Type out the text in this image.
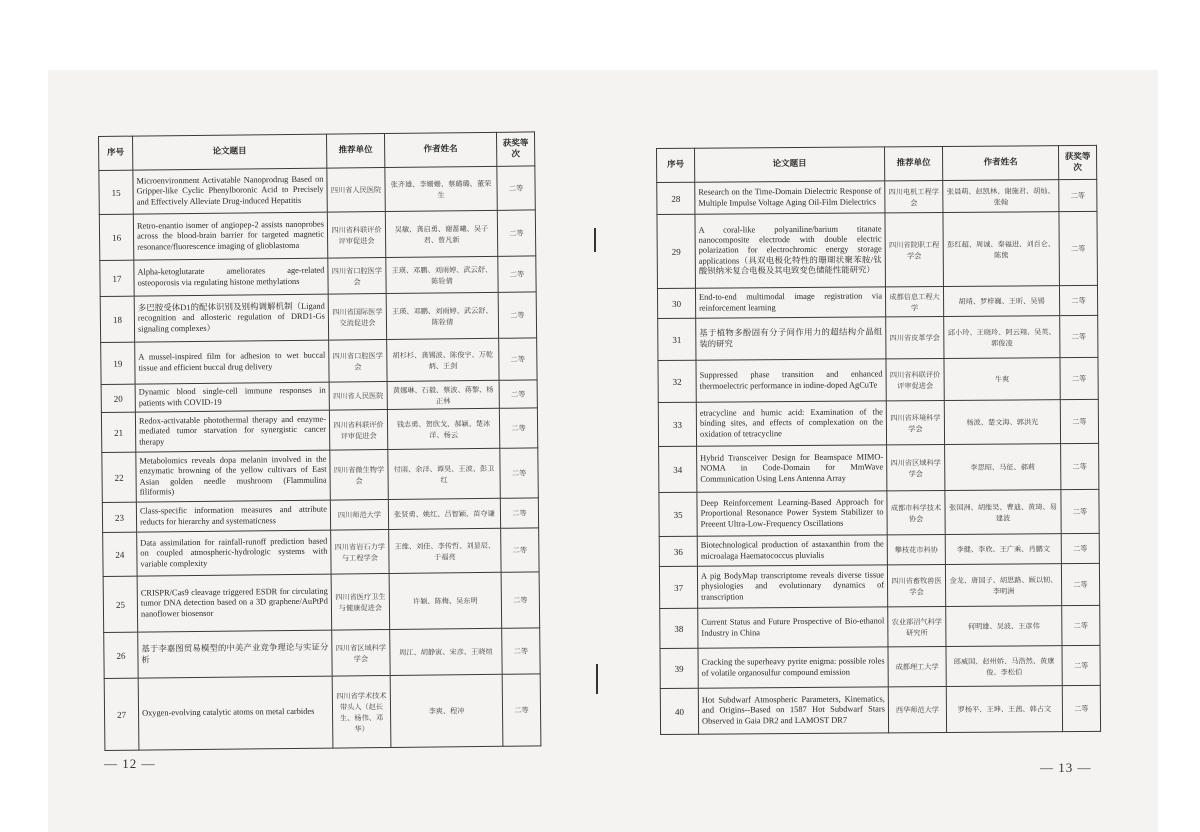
序号	论文题目	推荐单位	作者姓名	获奖等次
15	Microenvironment Activatable Nanoprodrug Based on Gripper-like Cyclic Phenylboronic Acid to Precisely and Effectively Alleviate Drug-induced Hepatitis	四川省人民医院	张齐雄、李姗姗、蔡璐璐、董荣生	二等
16	Retro-enantio isomer of angiopep-2 assists nanoprobes across the blood-brain barrier for targeted magnetic resonance/fluorescence imaging of glioblastoma	四川省科联评价评审促进会	吴敏、龚启勇、谢蔷曦、吴子君、曾凡新	二等
17	Alpha-ketoglutarate ameliorates age-related osteoporosis via regulating histone methylations	四川省口腔医学会	王瑛、邓鹏、刘雨婷、武云舒、陈铨倩	二等
18	多巴胺受体D1的配体识别及别构调解机制（Ligand recognition and allosteric regulation of DRD1-Gs signaling complexes）	四川省国际医学交流促进会	王瑛、邓鹏、刘雨婷、武云舒、陈铨倩	二等
19	A mussel-inspired film for adhesion to wet buccal tissue and efficient buccal drug delivery	四川省口腔医学会	胡杉杉、龚锡波、陈俊宇、万乾炳、王剑	二等
20	Dynamic blood single-cell immune responses in patients with COVID-19	四川省人民医院	黄娜琳、石毅、蔡波、蒋黎、杨正林	二等
21	Redox-activatable photothermal therapy and enzyme-mediated tumor starvation for synergistic cancer therapy	四川省科联评价评审促进会	钱志勇、贺欣戈、郝颖、楚冰洋、杨云	二等
22	Metabolomics reveals dopa melanin involved in the enzymatic browning of the yellow cultivars of East Asian golden needle mushroom (Flammulina filiformis)	四川省微生物学会	付雨、余洋、谭昊、王波、彭卫红	二等
23	Class-specific information measures and attribute reducts for hierarchy and systematicness	四川师范大学	张贤勇、姚红、吕智颖、苗夺谦	二等
24	Data assimilation for rainfall-runoff prediction based on coupled atmospheric-hydrologic systems with variable complexity	四川省岩石力学与工程学会	王维、刘佳、李传哲、刘显辰、于福亮	二等
25	CRISPR/Cas9 cleavage triggered ESDR for circulating tumor DNA detection based on a 3D graphene/AuPtPd nanoflower biosensor	四川省医疗卫生与健康促进会	许颖、陈梅、吴东明	二等
26	基于李嘉图贸易模型的中美产业竞争理论与实证分析	四川省区域科学学会	周江、胡静寅、宋彦、王晓煊	二等
27	Oxygen-evolving catalytic atoms on metal carbides	四川省学术技术带头人（赵长生、杨伟、邓华）	李爽、程冲	二等
序号	论文题目	推荐单位	作者姓名	获奖等次
28	Research on the Time-Domain Dielectric Response of Multiple Impulse Voltage Aging Oil-Film Dielectrics	四川电机工程学会	张晨萌、赵凯林、谢施君、胡灿、张翰	二等
29	A coral-like polyaniline/barium titanate nanocomposite electrode with double electric polarization for electrochromic energy storage applications（具双电极化特性的珊瑚状聚苯胺/钛酸钡纳米复合电极及其电致变色储能性能研究）	四川省院职工程学会	彭红超、周诚、秦福进、刘百仑、陈熊	二等
30	End-to-end multimodal image registration via reinforcement learning	成都信息工程大学	胡靖、罗梓巍、王昕、吴锡	二等
31	基于植物多酚固有分子间作用力的超结构介晶组装的研究	四川省皮革学会	邱小玲、王晓玲、阿云翔、吴英、郭俊凌	二等
32	Suppressed phase transition and enhanced thermoelectric performance in iodine-doped AgCuTe	四川省科联评价评审促进会	牛爽	二等
33	etracycline and humic acid: Examination of the binding sites, and effects of complexation on the oxidation of tetracycline	四川省环境科学学会	杨波、楚文海、郭洪光	二等
34	Hybrid Transceiver Design for Beamspace MIMO-NOMA in Code-Domain for MmWave Communication Using Lens Antenna Array	四川省区域科学学会	李思昭、马征、郝莉	二等
35	Deep Reinforcement Learning-Based Approach for Proportional Resonance Power System Stabilizer to Preeent Ultra-Low-Frequency Oscillations	成都市科学技术协会	张国洲、胡维昊、曹迪、黄琦、易建波	二等
36	Biotechnological production of astaxanthin from the microalaga Haematococcus pluvialis	攀枝花市科协	李健、李欣、王广乘、肖鹏文	二等
37	A pig BodyMap transcriptome reveals diverse tissue physiologies and evolutionary dynamics of transcription	四川省畜牧兽医学会	金龙、唐国子、胡思路、顾以韧、李明洲	二等
38	Current Status and Future Prospective of Bio-ethanol Industry in China	农业部沼气科学研究所	何明雄、吴波、王彦伟	二等
39	Cracking the superheavy pyrite enigma: possible roles of volatile organosulfur compound emission	成都理工大学	郎威国、赵州娇、马浩然、黄康俊、李松伯	二等
40	Hot Subdwarf Atmospheric Parameters, Kinematics, and Origins--Based on 1587 Hot Subdwarf Stars Observed in Gaia DR2 and LAMOST DR7	西华师范大学	罗杨平、王坤、王茜、韩占文	二等
— 12 —	— 13 —
